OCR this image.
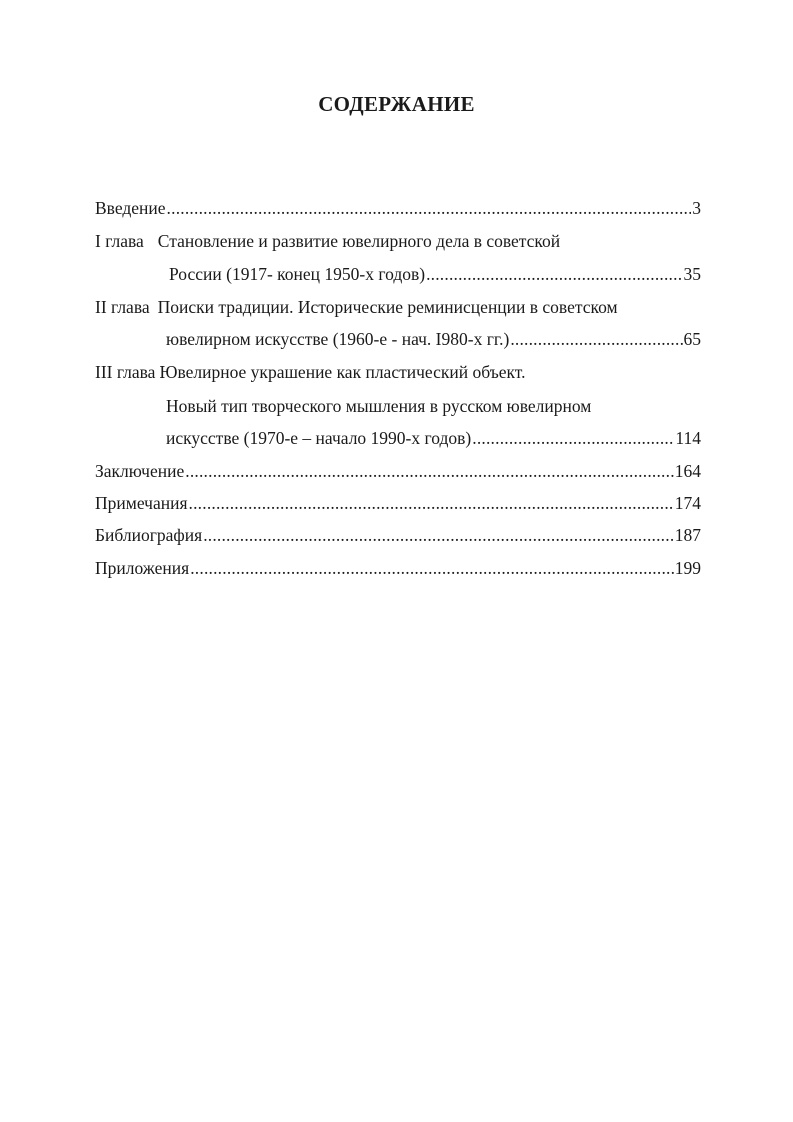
СОДЕРЖАНИЕ
Введение .....	3
I глава Становление и развитие ювелирного дела в советской
России (1917- конец 1950-х годов) .....	35
II глава Поиски традиции. Исторические реминисценции в советском
ювелирном искусстве (1960-е - нач. I980-х гг.) .....	65
III глава Ювелирное украшение как пластический объект.
Новый тип творческого мышления в русском ювелирном
искусстве (1970-е – начало 1990-х годов) .....	114
Заключение .....	164
Примечания .....	174
Библиография .....	187
Приложения .....	199
